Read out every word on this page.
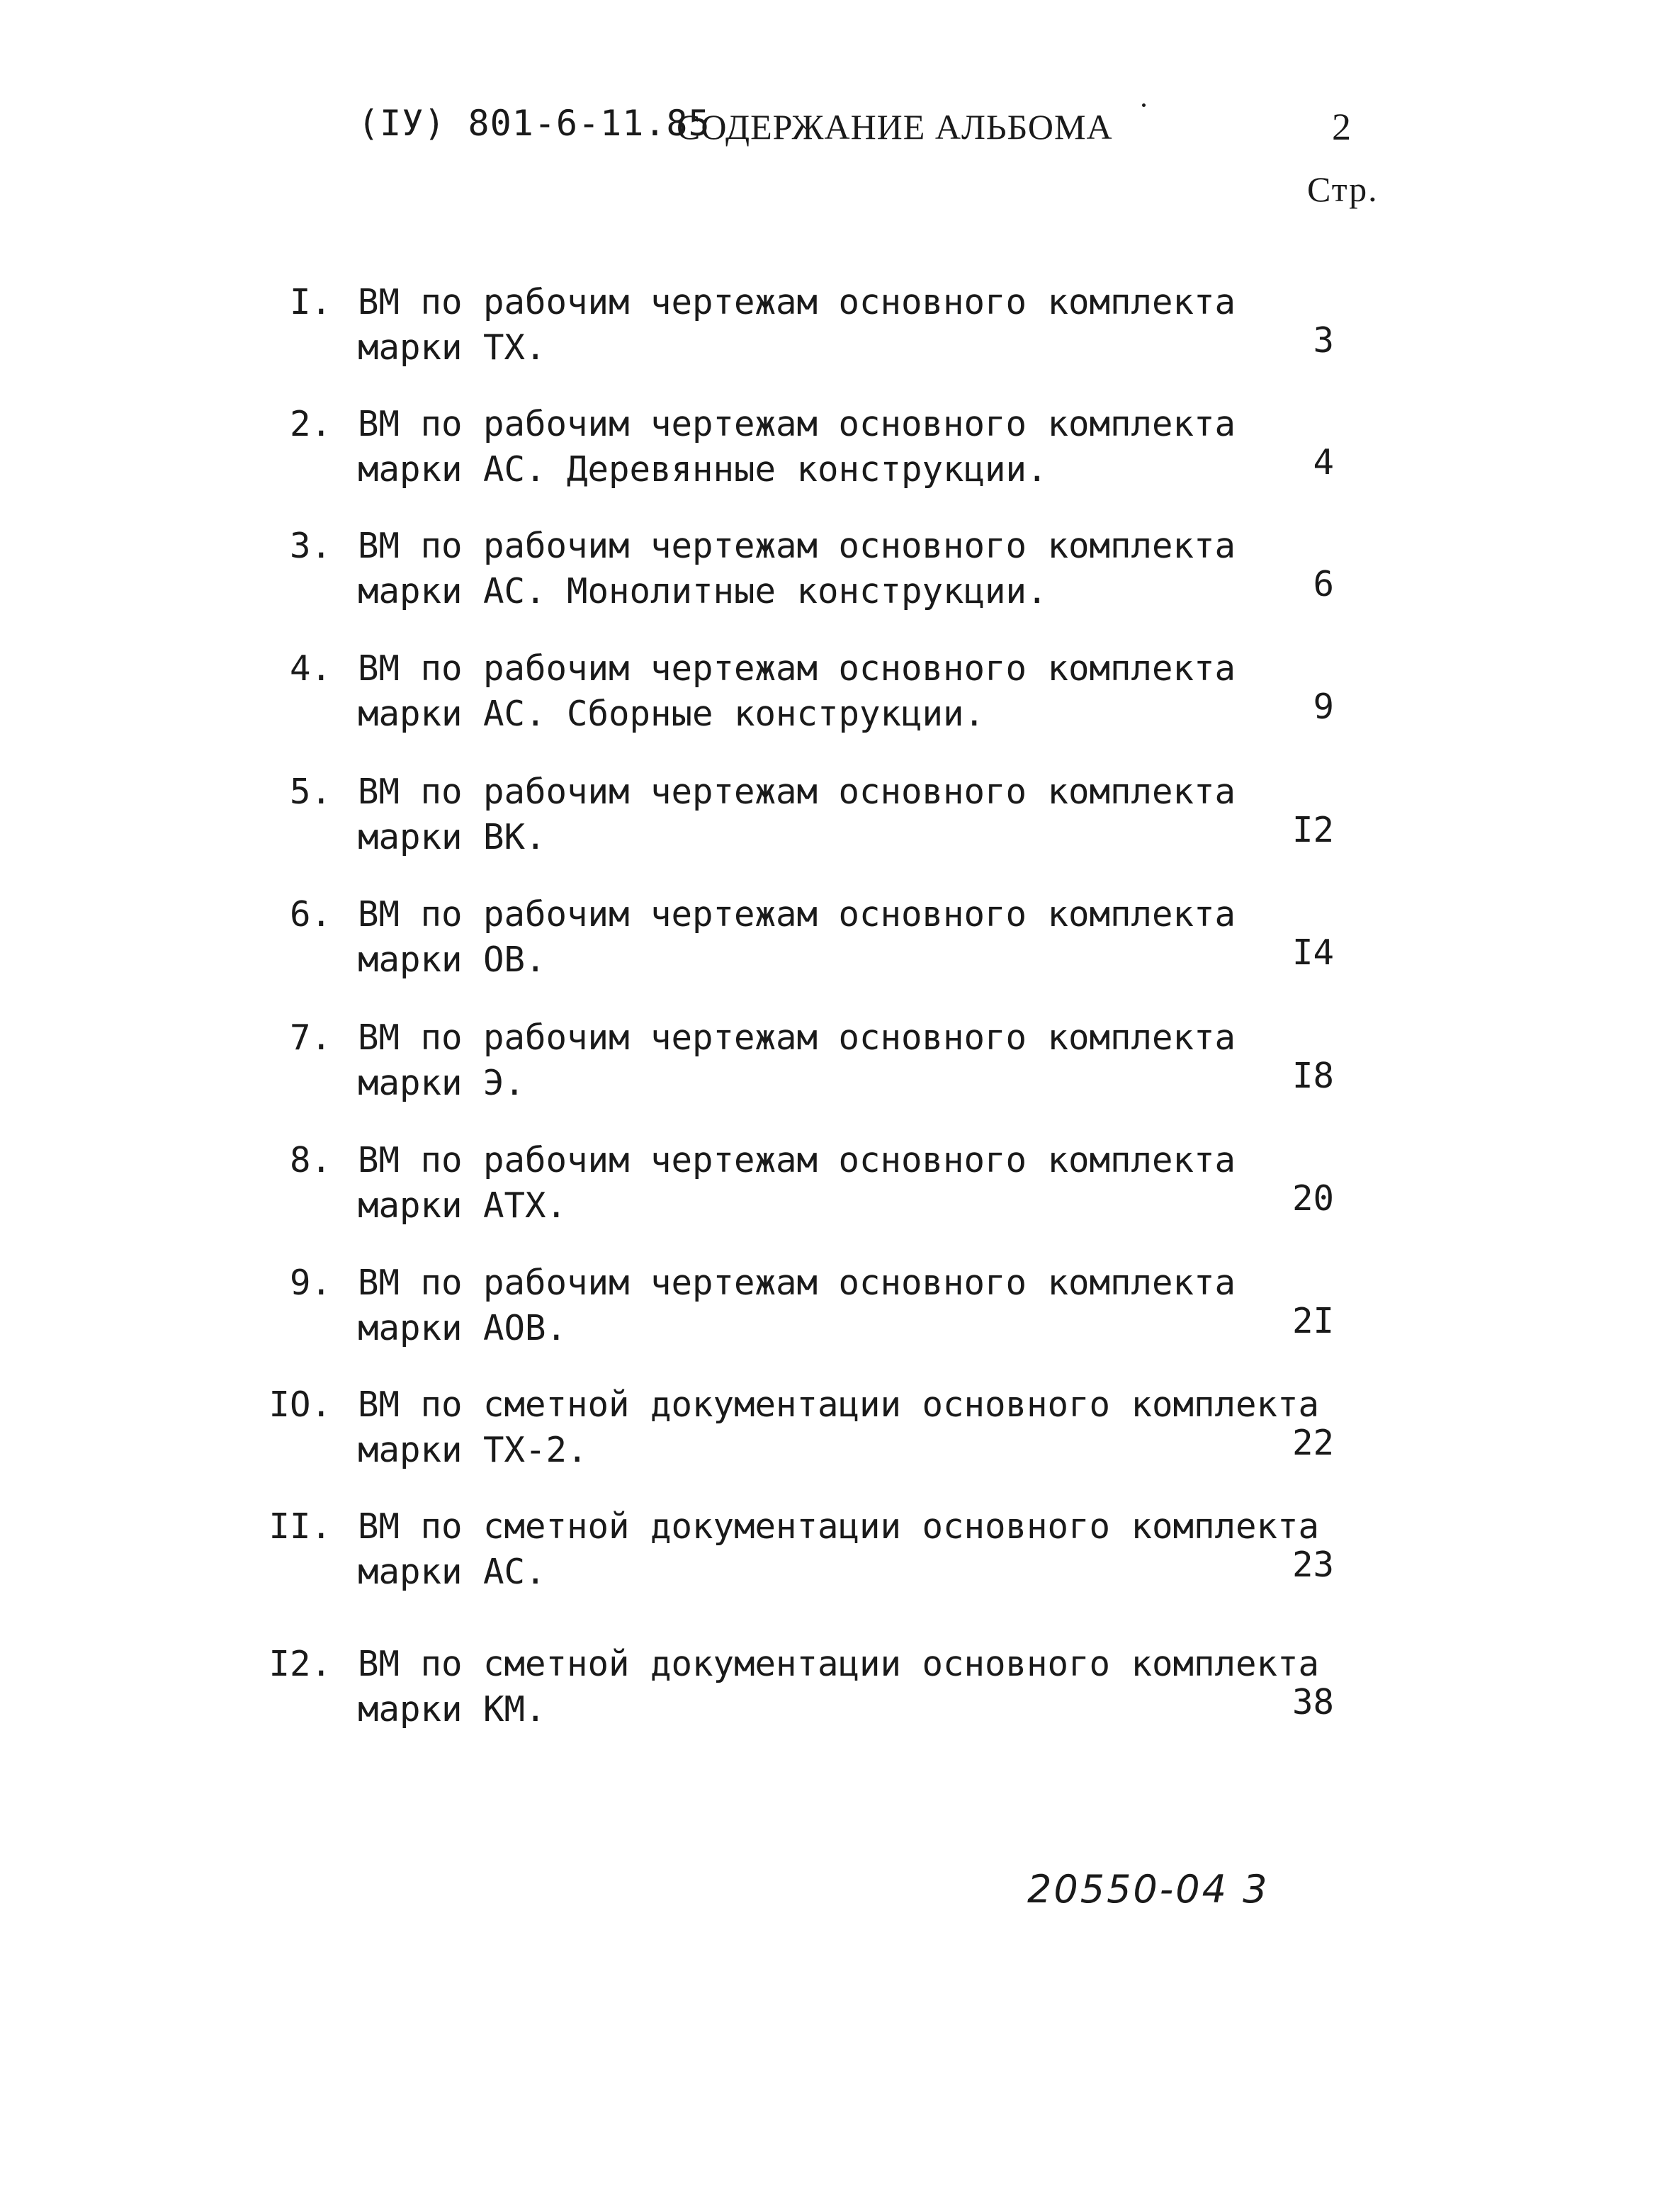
(IУ) 801-6-11.85
СОДЕРЖАНИЕ АЛЬБОМА	2
Стр.
I. ВМ по рабочим чертежам основного комплекта
марки ТХ.	3
2. ВМ по рабочим чертежам основного комплекта
марки АС. Деревянные конструкции.	4
3. ВМ по рабочим чертежам основного комплекта
марки АС. Монолитные конструкции.	6
4. ВМ по рабочим чертежам основного комплекта
марки АС. Сборные конструкции.	9
5. ВМ по рабочим чертежам основного комплекта
марки ВК.	I2
6. ВМ по рабочим чертежам основного комплекта
марки ОВ.	I4
7. ВМ по рабочим чертежам основного комплекта
марки Э.	I8
8. ВМ по рабочим чертежам основного комплекта
марки АТХ.	20
9. ВМ по рабочим чертежам основного комплекта
марки АОВ.	2I
IO. ВМ по сметной документации основного комплекта
марки ТХ-2.	22
II. ВМ по сметной документации основного комплекта
марки АС.	23
I2. ВМ по сметной документации основного комплекта
марки КМ.	38
20550-04 3
